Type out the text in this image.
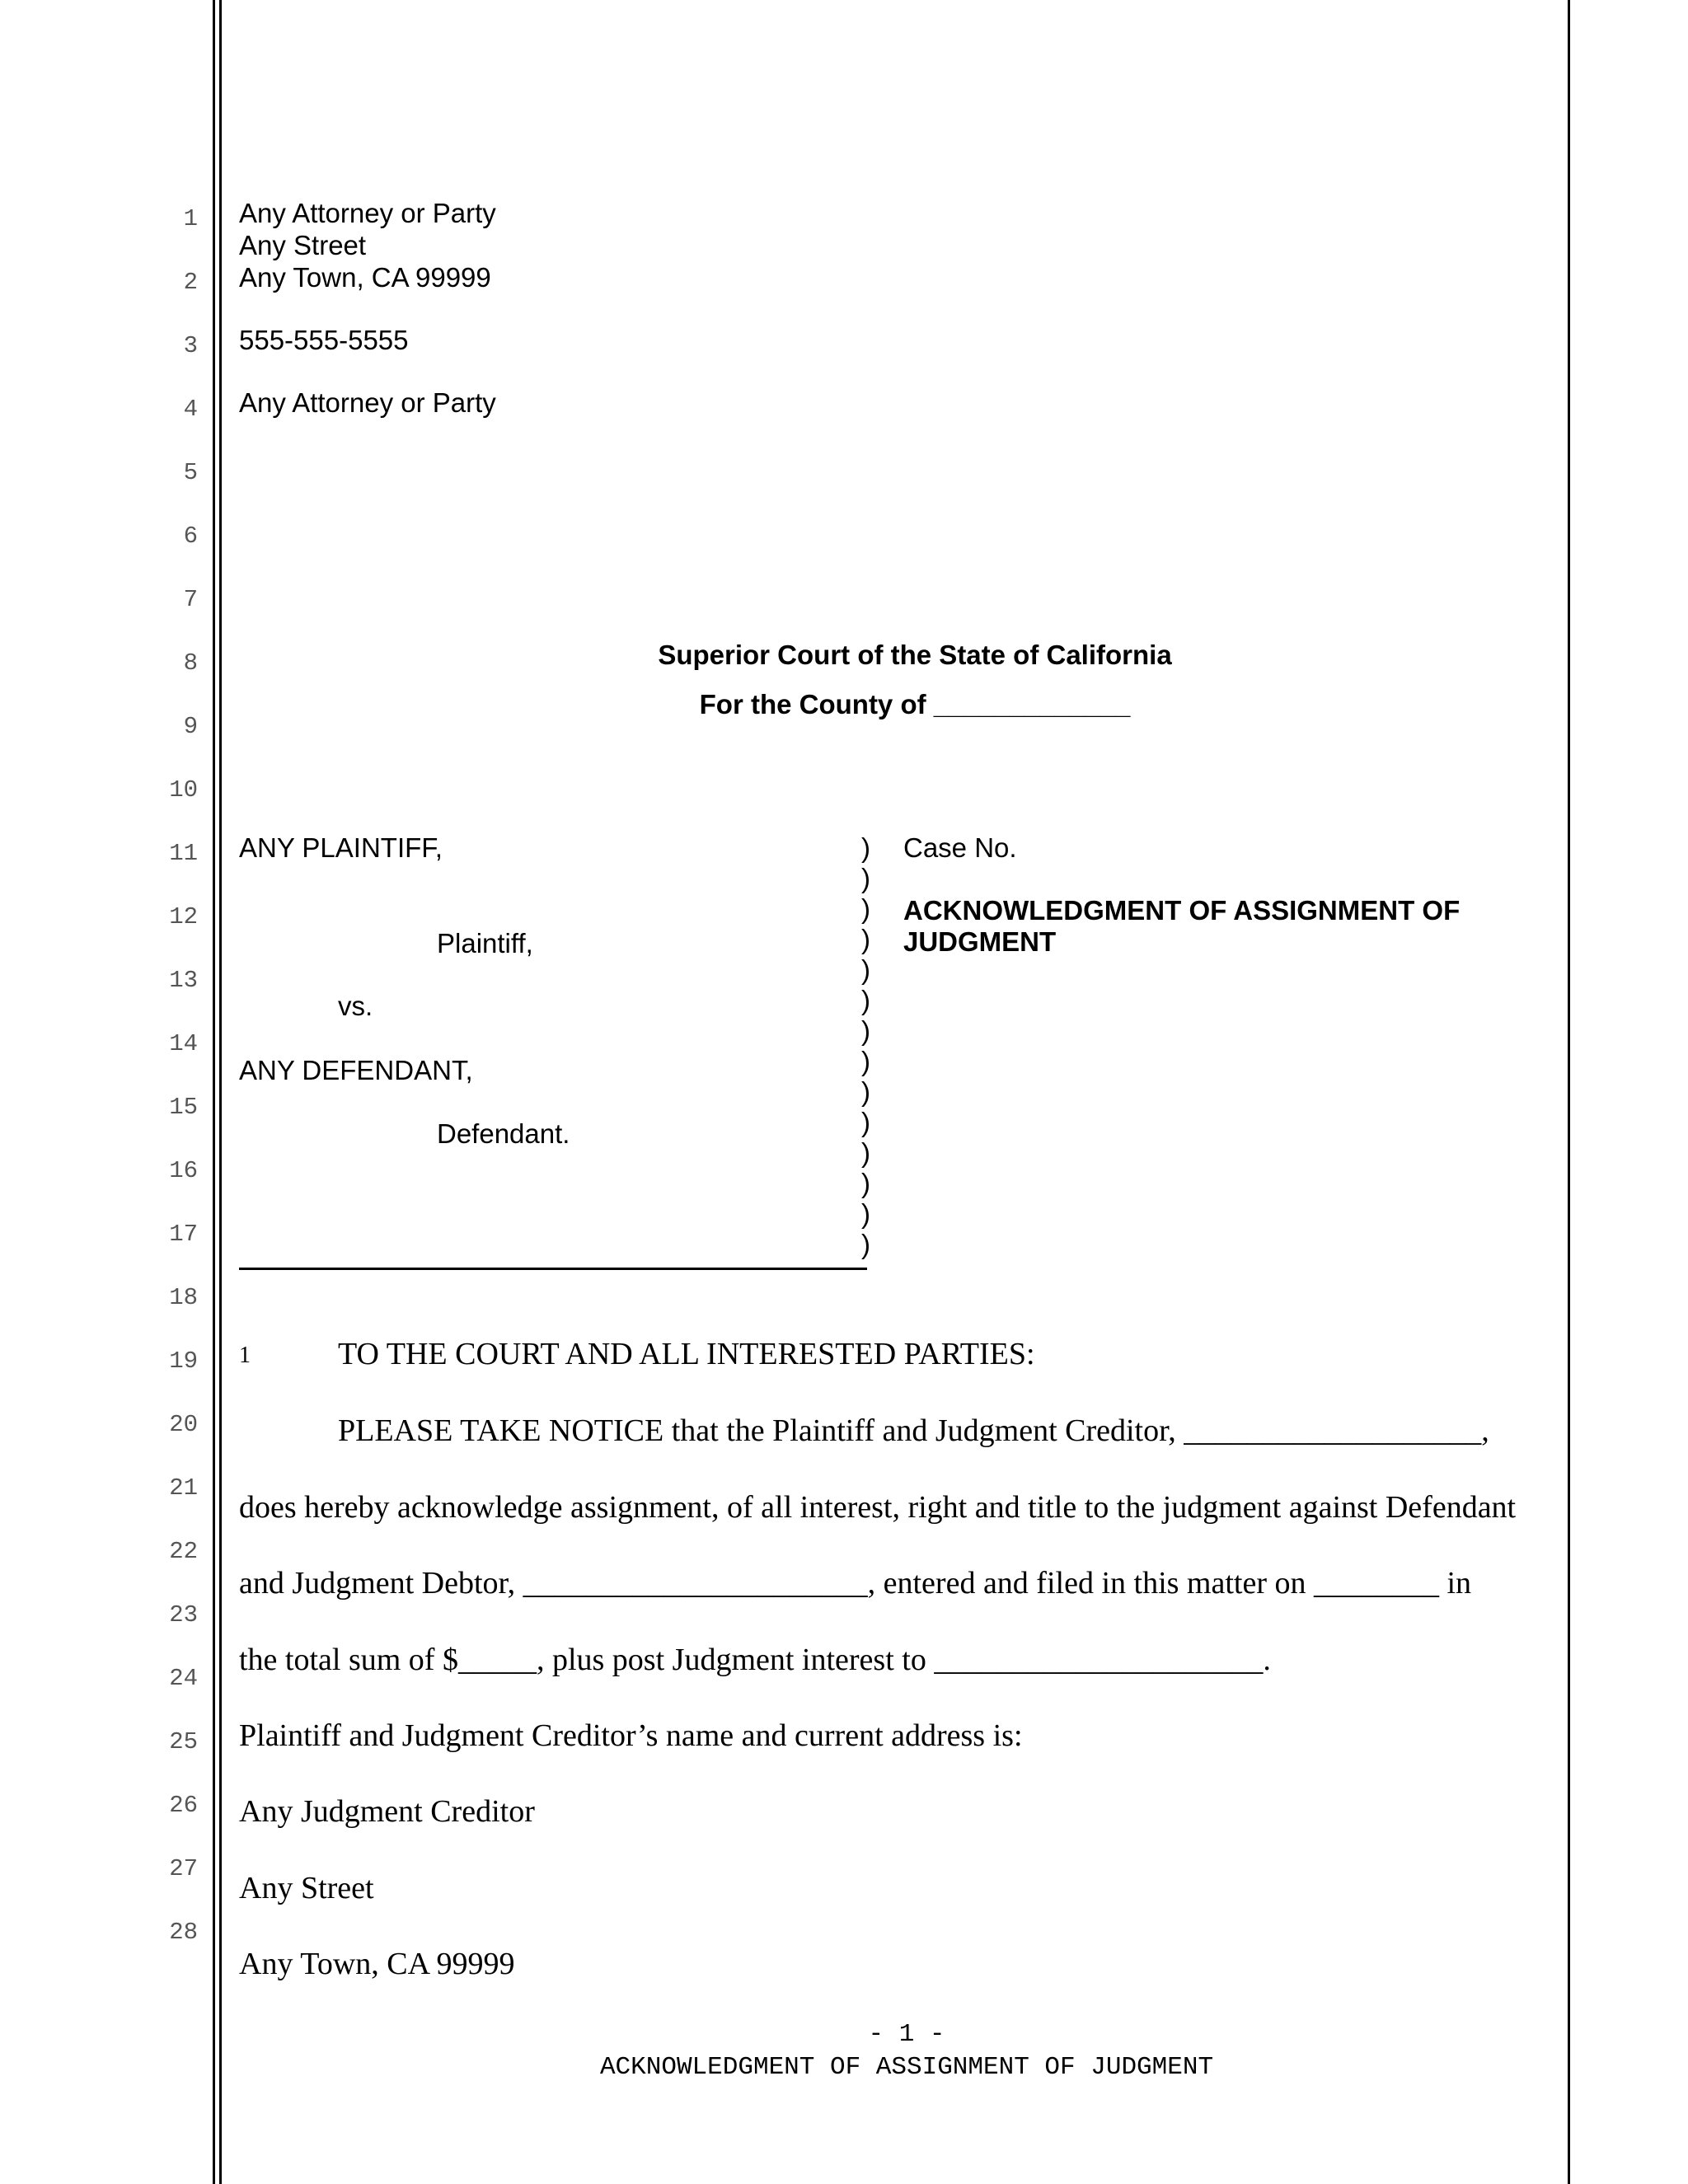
1
2
3
4
5
6
7
8
9
10
11
12
13
14
15
16
17
18
19
20
21
22
23
24
25
26
27
28
Any Attorney or Party
Any Street
Any Town, CA 99999
555-555-5555
Any Attorney or Party
Superior Court of the State of California
For the County of _____________
ANY PLAINTIFF,
Plaintiff,
vs.
ANY DEFENDANT,
Defendant.
)
)
)
)
)
)
)
)
)
)
)
)
)
)
Case No.
ACKNOWLEDGMENT OF ASSIGNMENT OF
JUDGMENT
1	TO THE COURT AND ALL INTERESTED PARTIES:
PLEASE TAKE NOTICE that the Plaintiff and Judgment Creditor, ___________________,
does hereby acknowledge assignment, of all interest, right and title to the judgment against Defendant
and Judgment Debtor, ______________________, entered and filed in this matter on ________ in
the total sum of $_____, plus post Judgment interest to _____________________.
Plaintiff and Judgment Creditor’s name and current address is:
Any Judgment Creditor
Any Street
Any Town, CA 99999
- 1 -
ACKNOWLEDGMENT OF ASSIGNMENT OF JUDGMENT
